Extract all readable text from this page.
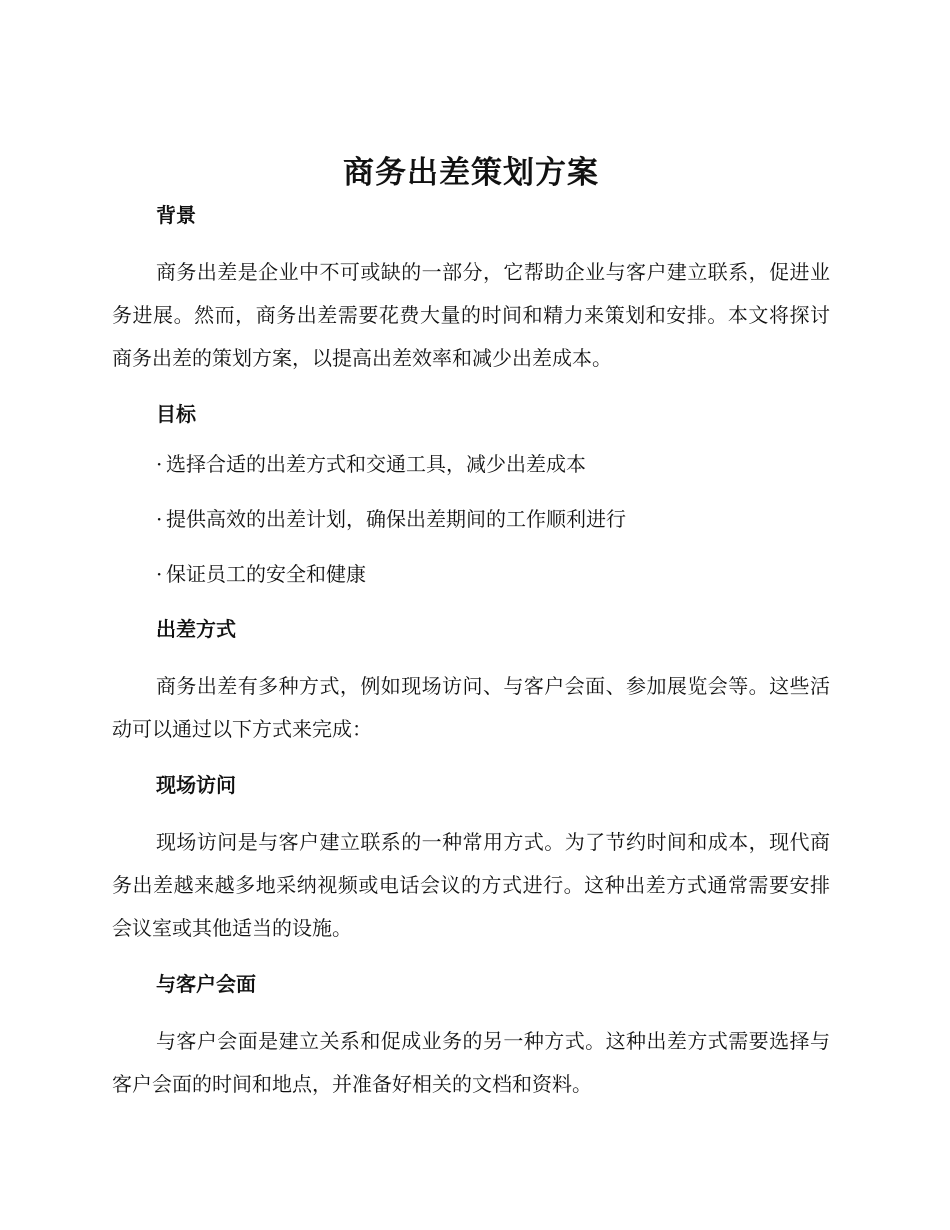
商务出差策划方案
背景

商务出差是企业中不可或缺的一部分，它帮助企业与客户建立联系，促进业务进展。然而，商务出差需要花费大量的时间和精力来策划和安排。本文将探讨商务出差的策划方案，以提高出差效率和减少出差成本。

目标
· 选择合适的出差方式和交通工具，减少出差成本
· 提供高效的出差计划，确保出差期间的工作顺利进行
· 保证员工的安全和健康
出差方式

商务出差有多种方式，例如现场访问、与客户会面、参加展览会等。这些活动可以通过以下方式来完成：

现场访问

现场访问是与客户建立联系的一种常用方式。为了节约时间和成本，现代商务出差越来越多地采纳视频或电话会议的方式进行。这种出差方式通常需要安排会议室或其他适当的设施。

与客户会面

与客户会面是建立关系和促成业务的另一种方式。这种出差方式需要选择与客户会面的时间和地点，并准备好相关的文档和资料。
